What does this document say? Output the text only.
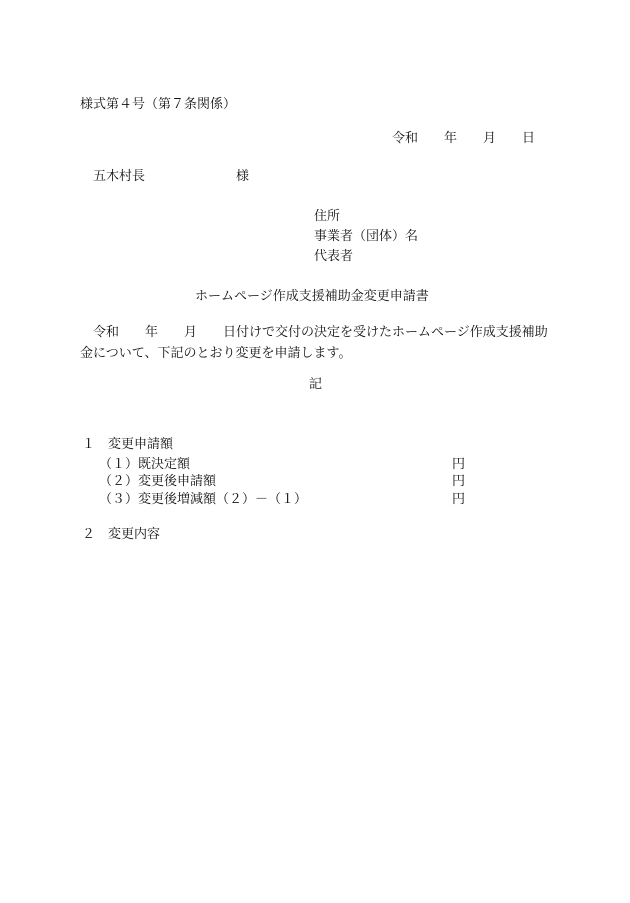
様式第４号（第７条関係）
令和　　年　　月　　日
五木村長　　　　　　　様
住所
事業者（団体）名
代表者
ホームページ作成支援補助金変更申請書
令和　　年　　月　　日付けで交付の決定を受けたホームページ作成支援補助金について、下記のとおり変更を申請します。
記
１　変更申請額
（１）既決定額	円
（２）変更後申請額	円
（３）変更後増減額（２）－（１）	円
２　変更内容
